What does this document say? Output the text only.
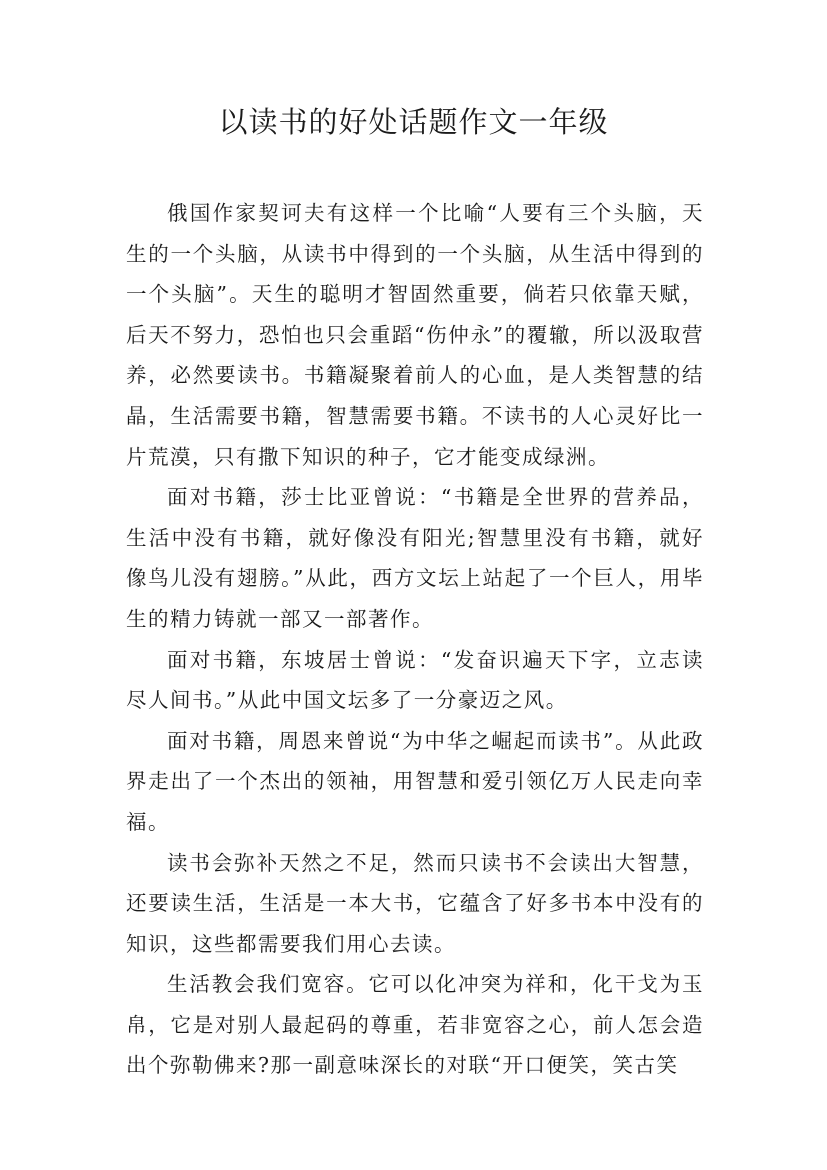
以读书的好处话题作文一年级

俄国作家契诃夫有这样一个比喻“人要有三个头脑，天生的一个头脑，从读书中得到的一个头脑，从生活中得到的一个头脑”。天生的聪明才智固然重要，倘若只依靠天赋，后天不努力，恐怕也只会重蹈“伤仲永”的覆辙，所以汲取营养，必然要读书。书籍凝聚着前人的心血，是人类智慧的结晶，生活需要书籍，智慧需要书籍。不读书的人心灵好比一片荒漠，只有撒下知识的种子，它才能变成绿洲。

面对书籍，莎士比亚曾说：“书籍是全世界的营养品，生活中没有书籍，就好像没有阳光;智慧里没有书籍，就好像鸟儿没有翅膀。”从此，西方文坛上站起了一个巨人，用毕生的精力铸就一部又一部著作。

面对书籍，东坡居士曾说：“发奋识遍天下字，立志读尽人间书。”从此中国文坛多了一分豪迈之风。

面对书籍，周恩来曾说“为中华之崛起而读书”。从此政界走出了一个杰出的领袖，用智慧和爱引领亿万人民走向幸福。

读书会弥补天然之不足，然而只读书不会读出大智慧，还要读生活，生活是一本大书，它蕴含了好多书本中没有的知识，这些都需要我们用心去读。

生活教会我们宽容。它可以化冲突为祥和，化干戈为玉帛，它是对别人最起码的尊重，若非宽容之心，前人怎会造出个弥勒佛来?那一副意味深长的对联“开口便笑，笑古笑
